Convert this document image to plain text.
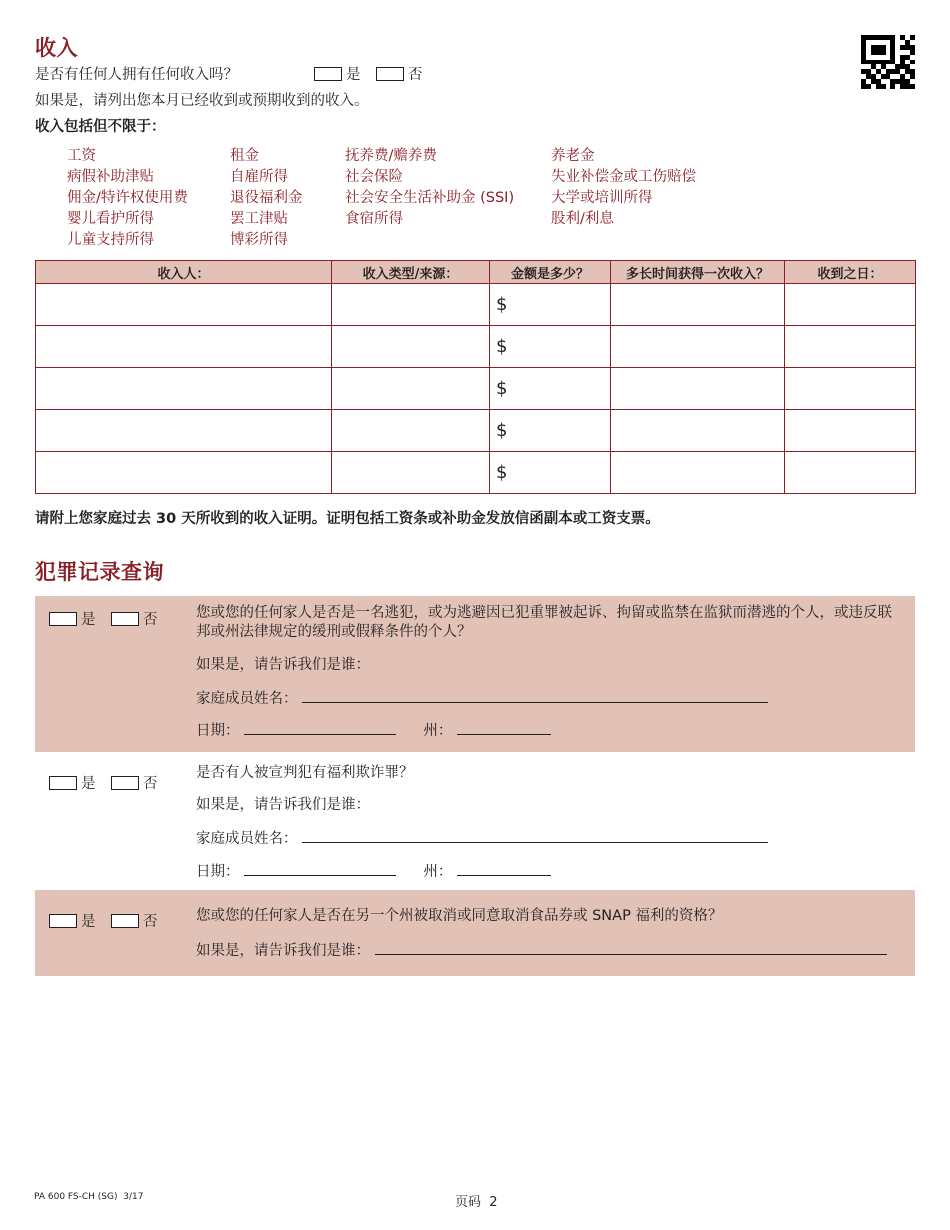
收入
是否有任何人拥有任何收入吗？	是	否
如果是，请列出您本月已经收到或预期收到的收入。
收入包括但不限于：
工资
病假补助津贴
佣金/特许权使用费
婴儿看护所得
儿童支持所得
租金
自雇所得
退役福利金
罢工津贴
博彩所得
抚养费/赡养费
社会保险
社会安全生活补助金 (SSI)
食宿所得
养老金
失业补偿金或工伤赔偿
大学或培训所得
股利/利息
收入人：	收入类型/来源：	金额是多少？	多长时间获得一次收入？	收到之日：
		$		
		$		
		$		
		$		
		$		
请附上您家庭过去 30 天所收到的收入证明。证明包括工资条或补助金发放信函副本或工资支票。
犯罪记录查询
是	否	您或您的任何家人是否是一名逃犯，或为逃避因已犯重罪被起诉、拘留或监禁在监狱而潜逃的个人，或违反联邦或州法律规定的缓刑或假释条件的个人？
如果是，请告诉我们是谁：
家庭成员姓名：
日期：	州：
是	否
是否有人被宣判犯有福利欺诈罪？
如果是，请告诉我们是谁：
家庭成员姓名：
日期：	州：
是	否	您或您的任何家人是否在另一个州被取消或同意取消食品券或 SNAP 福利的资格？
如果是，请告诉我们是谁：
PA 600 FS-CH (SG)  3/17	页码  2
